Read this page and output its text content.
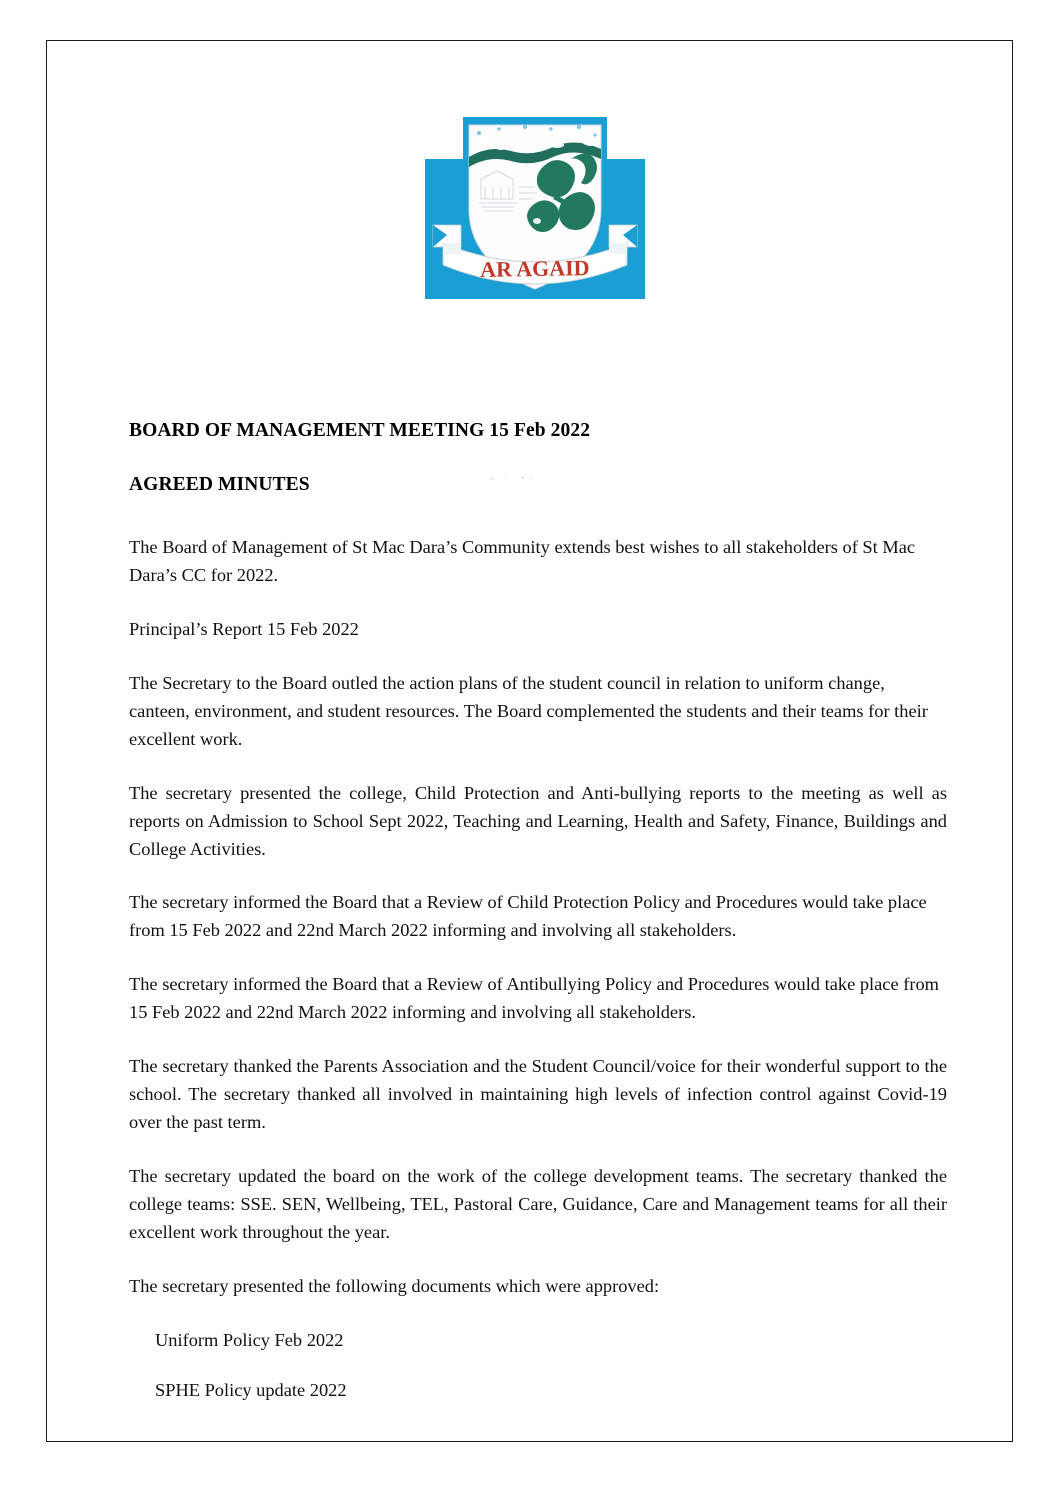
AR AGAID
BOARD OF MANAGEMENT MEETING 15 Feb 2022
AGREED MINUTES

The Board of Management of St Mac Dara’s Community extends best wishes to all stakeholders of St Mac Dara’s CC for 2022.

Principal’s Report 15 Feb 2022

The Secretary to the Board outled the action plans of the student council in relation to uniform change, canteen, environment, and student resources. The Board complemented the students and their teams for their excellent work.

The secretary presented the college, Child Protection and Anti-bullying reports to the meeting as well as reports on Admission to School Sept 2022, Teaching and Learning, Health and Safety, Finance, Buildings and College Activities.

The secretary informed the Board that a Review of Child Protection Policy and Procedures would take place from 15 Feb 2022 and 22nd March 2022 informing and involving all stakeholders.

The secretary informed the Board that a Review of Antibullying Policy and Procedures would take place from 15 Feb 2022 and 22nd March 2022 informing and involving all stakeholders.

The secretary thanked the Parents Association and the Student Council/voice for their wonderful support to the school. The secretary thanked all involved in maintaining high levels of infection control against Covid-19 over the past term.

The secretary updated the board on the work of the college development teams. The secretary thanked the college teams: SSE. SEN, Wellbeing, TEL, Pastoral Care, Guidance, Care and Management teams for all their excellent work throughout the year.

The secretary presented the following documents which were approved:

Uniform Policy Feb 2022
SPHE Policy update 2022
